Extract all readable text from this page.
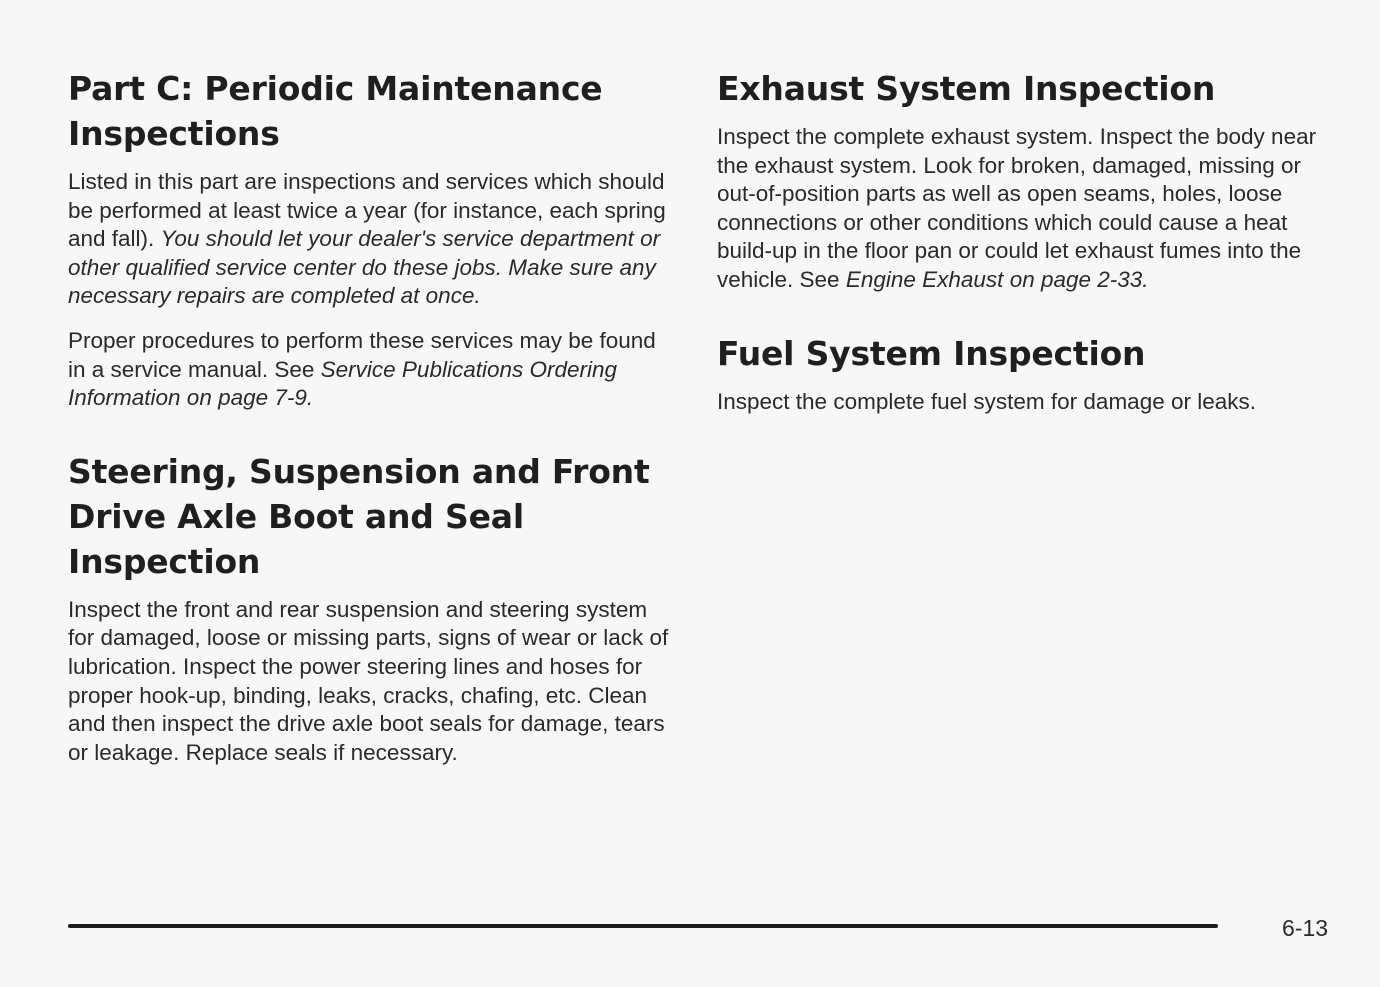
Part C: Periodic Maintenance Inspections

Listed in this part are inspections and services which should be performed at least twice a year (for instance, each spring and fall). You should let your dealer's service department or other qualified service center do these jobs. Make sure any necessary repairs are completed at once.

Proper procedures to perform these services may be found in a service manual. See Service Publications Ordering Information on page 7-9.

Steering, Suspension and Front Drive Axle Boot and Seal Inspection

Inspect the front and rear suspension and steering system for damaged, loose or missing parts, signs of wear or lack of lubrication. Inspect the power steering lines and hoses for proper hook-up, binding, leaks, cracks, chafing, etc. Clean and then inspect the drive axle boot seals for damage, tears or leakage. Replace seals if necessary.

Exhaust System Inspection

Inspect the complete exhaust system. Inspect the body near the exhaust system. Look for broken, damaged, missing or out-of-position parts as well as open seams, holes, loose connections or other conditions which could cause a heat build-up in the floor pan or could let exhaust fumes into the vehicle. See Engine Exhaust on page 2-33.

Fuel System Inspection

Inspect the complete fuel system for damage or leaks.

6-13
